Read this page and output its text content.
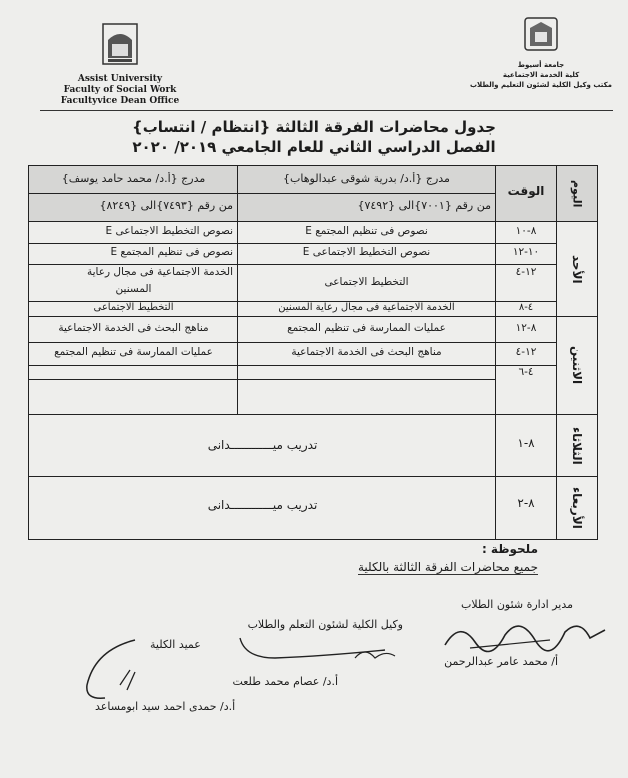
Assist University
Faculty of Social Work
Facultyvice Dean Office
جامعة أسيوط
كلية الخدمة الاجتماعية
مكتب وكيل الكلية لشئون التعليم والطلاب
جدول محاضرات الفرقة الثالثة {انتظام / انتساب}
الفصل الدراسي الثاني للعام الجامعي ٢٠١٩/ ٢٠٢٠
اليوم
الوقت
مدرج {أ.د/ بدرية شوقى عبدالوهاب}
مدرج {أ.د/ محمد حامد يوسف}
من رقم {٧٠٠١}الى {٧٤٩٢}
من رقم {٧٤٩٣}الى {٨٢٤٩}
الأحد
الاثنين
الثلاثاء
الأربعاء
٨-١٠
نصوص فى تنظيم المجتمع E
نصوص التخطيط الاجتماعى E
١٠-١٢
نصوص التخطيط الاجتماعى E
نصوص فى تنظيم المجتمع E
١٢-٤
التخطيط الاجتماعى
الخدمة الاجتماعية فى مجال رعاية
المسنين
٤-٨
الخدمة الاجتماعية فى مجال رعاية المسنين
التخطيط الاجتماعى
٨-١٢
عمليات الممارسة فى تنظيم المجتمع
مناهج البحث فى الخدمة الاجتماعية
١٢-٤
مناهج البحث فى الخدمة الاجتماعية
عمليات الممارسة فى تنظيم المجتمع
٤-٦
٨-١
تدريب ميــــــــــــدانى
٨-٢
تدريب ميــــــــــــدانى
ملحوظة :
جميع محاضرات الفرقة الثالثة بالكلية
مدير ادارة شئون الطلاب
أ/ محمد عامر عبدالرحمن
وكيل الكلية لشئون التعلم والطلاب
أ.د/ عصام محمد طلعت
عميد الكلية
أ.د/ حمدى احمد سيد ابومساعد
